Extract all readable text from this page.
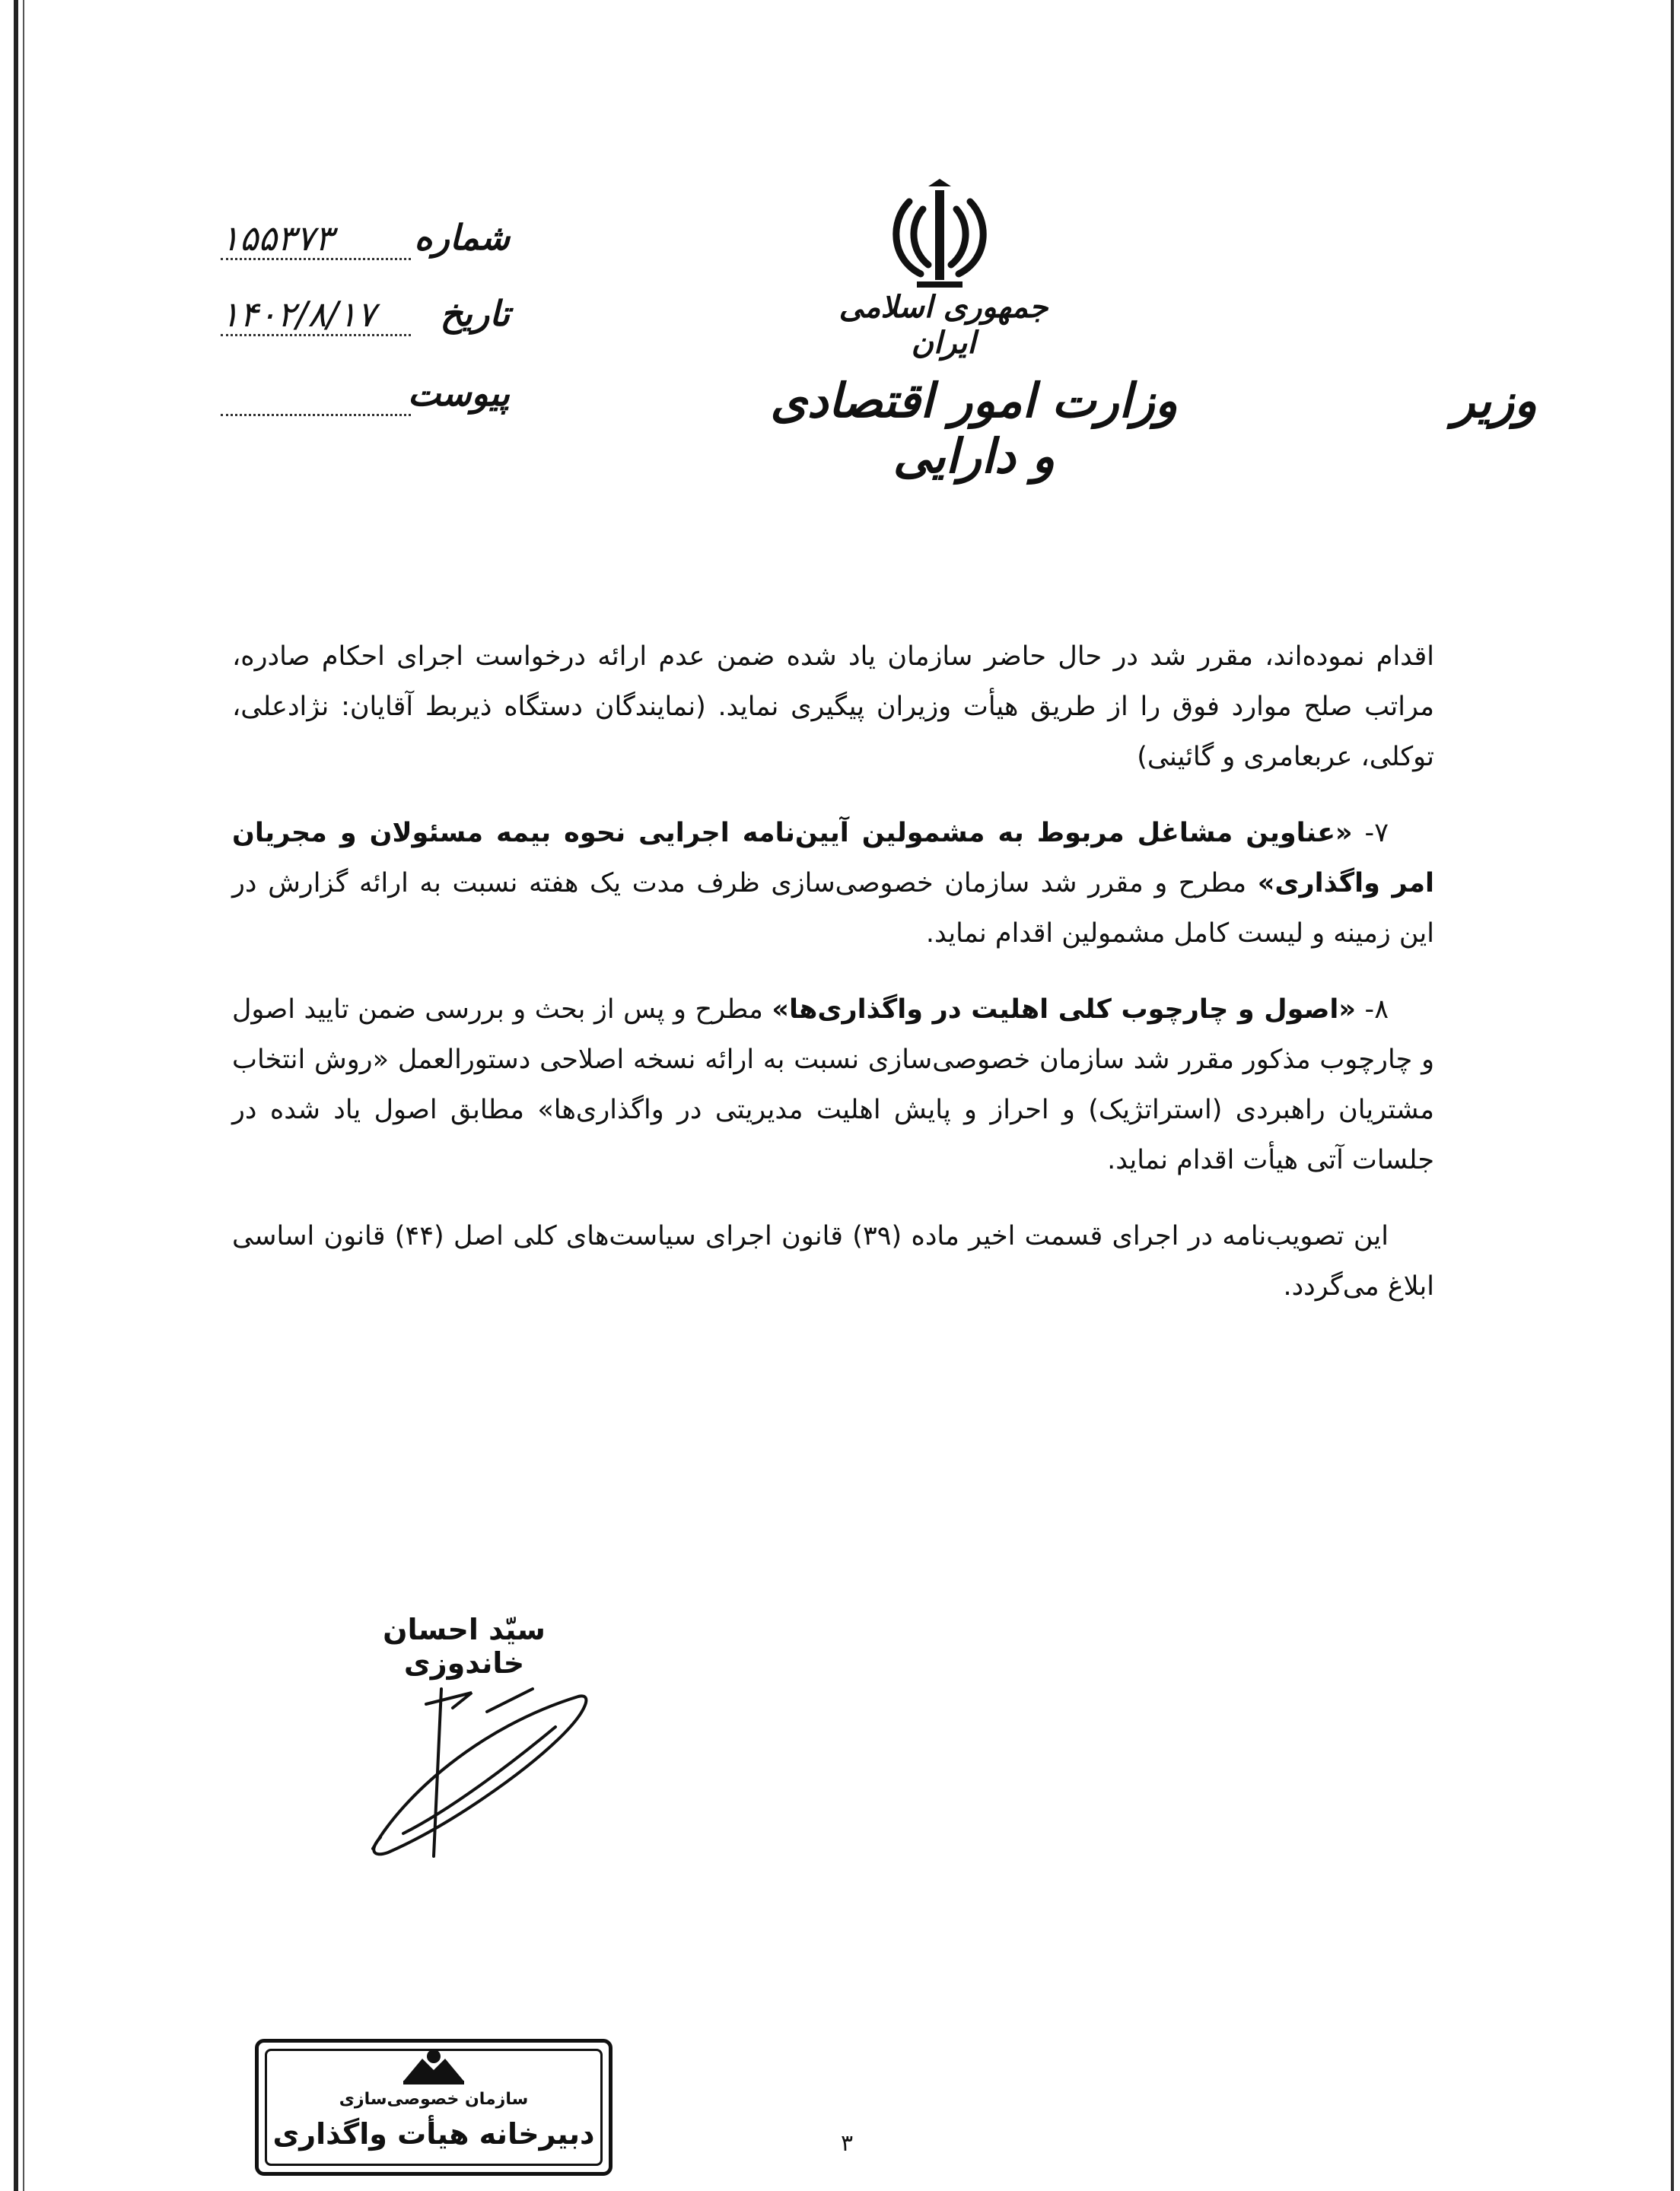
جمهوری اسلامی ایران
وزارت امور اقتصادی و دارایی
وزیر
شماره
۱۵۵۳۷۳
تاریخ
۱۴۰۲/۸/۱۷
پیوست

اقدام نموده‌اند، مقرر شد در حال حاضر سازمان یاد شده ضمن عدم ارائه درخواست اجرای احکام صادره، مراتب صلح موارد فوق را از طریق هیأت وزیران پیگیری نماید. (نمایندگان دستگاه ذیربط آقایان: نژادعلی، توکلی، عربعامری و گائینی)

۷- «عناوین مشاغل مربوط به مشمولین آیین‌نامه اجرایی نحوه بیمه مسئولان و مجریان امر واگذاری» مطرح و مقرر شد سازمان خصوصی‌سازی ظرف مدت یک هفته نسبت به ارائه گزارش در این زمینه و لیست کامل مشمولین اقدام نماید.

۸- «اصول و چارچوب کلی اهلیت در واگذاری‌ها» مطرح و پس از بحث و بررسی ضمن تایید اصول و چارچوب مذکور مقرر شد سازمان خصوصی‌سازی نسبت به ارائه نسخه اصلاحی دستورالعمل «روش انتخاب مشتریان راهبردی (استراتژیک) و احراز و پایش اهلیت مدیریتی در واگذاری‌ها» مطابق اصول یاد شده در جلسات آتی هیأت اقدام نماید.

این تصویب‌نامه در اجرای قسمت اخیر ماده (۳۹) قانون اجرای سیاست‌های کلی اصل (۴۴) قانون اساسی ابلاغ می‌گردد.

سیّد احسان خاندوزی
سازمان خصوصی‌سازی
دبیرخانه هیأت واگذاری	۳
